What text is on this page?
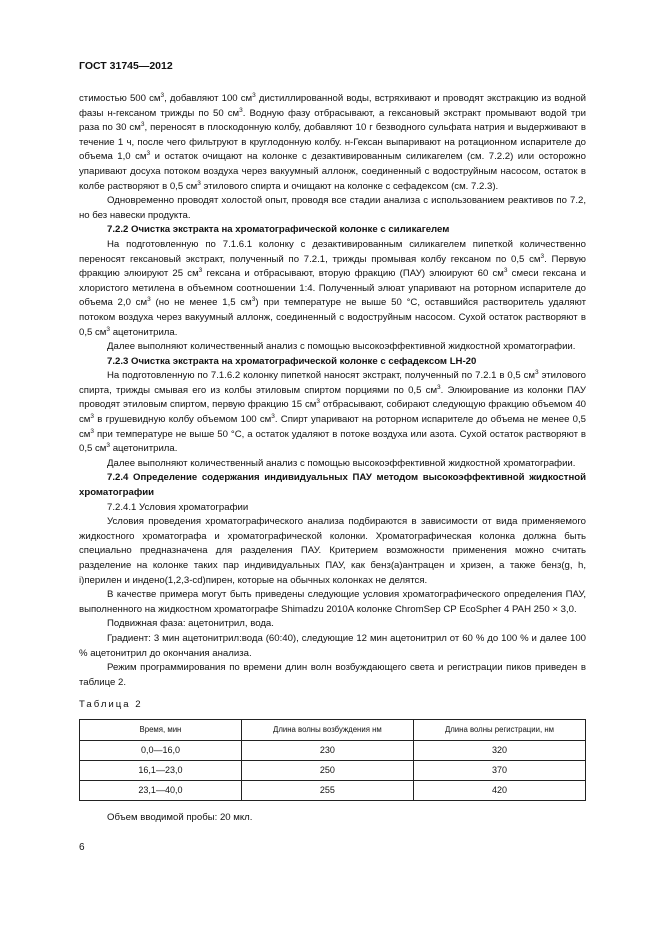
ГОСТ 31745—2012

стимостью 500 $см^3$, добавляют 100 $см^3$ дистиллированной воды, встряхивают и проводят экстракцию из водной фазы н-гексаном трижды по 50 $см^3$. Водную фазу отбрасывают, а гексановый экстракт промывают водой три раза по 30 $см^3$, переносят в плоскодонную колбу, добавляют 10 г безводного сульфата натрия и выдерживают в течение 1 ч, после чего фильтруют в круглодонную колбу. н-Гексан выпаривают на ротационном испарителе до объема 1,0 $см^3$ и остаток очищают на колонке с дезактивированным силикагелем (см. 7.2.2) или осторожно упаривают досуха потоком воздуха через вакуумный аллонж, соединенный с водоструйным насосом, остаток в колбе растворяют в 0,5 $см^3$ этилового спирта и очищают на колонке с сефадексом (см. 7.2.3).

Одновременно проводят холостой опыт, проводя все стадии анализа с использованием реактивов по 7.2, но без навески продукта.

7.2.2 Очистка экстракта на хроматографической колонке с силикагелем

На подготовленную по 7.1.6.1 колонку с дезактивированным силикагелем пипеткой количественно переносят гексановый экстракт, полученный по 7.2.1, трижды промывая колбу гексаном по 0,5 $см^3$. Первую фракцию элюируют 25 $см^3$ гексана и отбрасывают, вторую фракцию (ПАУ) элюируют 60 $см^3$ смеси гексана и хлористого метилена в объемном соотношении 1:4. Полученный элюат упаривают на роторном испарителе до объема 2,0 $см^3$ (но не менее 1,5 $см^3$) при температуре не выше 50 °С, оставшийся растворитель удаляют потоком воздуха через вакуумный аллонж, соединенный с водоструйным насосом. Сухой остаток растворяют в 0,5 $см^3$ ацетонитрила.

Далее выполняют количественный анализ с помощью высокоэффективной жидкостной хроматографии.

7.2.3 Очистка экстракта на хроматографической колонке с сефадексом LH-20

На подготовленную по 7.1.6.2 колонку пипеткой наносят экстракт, полученный по 7.2.1 в 0,5 $см^3$ этилового спирта, трижды смывая его из колбы этиловым спиртом порциями по 0,5 $см^3$. Элюирование из колонки ПАУ проводят этиловым спиртом, первую фракцию 15 $см^3$ отбрасывают, собирают следующую фракцию объемом 40 $см^3$ в грушевидную колбу объемом 100 $см^3$. Спирт упаривают на роторном испарителе до объема не менее 0,5 $см^3$ при температуре не выше 50 °С, а остаток удаляют в потоке воздуха или азота. Сухой остаток растворяют в 0,5 $см^3$ ацетонитрила.

Далее выполняют количественный анализ с помощью высокоэффективной жидкостной хроматографии.

7.2.4 Определение содержания индивидуальных ПАУ методом высокоэффективной жидкостной хроматографии

7.2.4.1 Условия хроматографии

Условия проведения хроматографического анализа подбираются в зависимости от вида применяемого жидкостного хроматографа и хроматографической колонки. Хроматографическая колонка должна быть специально предназначена для разделения ПАУ. Критерием возможности применения можно считать разделение на колонке таких пар индивидуальных ПАУ, как бенз(а)антрацен и хризен, а также бенз(g, h, i)перилен и индено(1,2,3-cd)пирен, которые на обычных колонках не делятся.

В качестве примера могут быть приведены следующие условия хроматографического определения ПАУ, выполненного на жидкостном хроматографе Shimadzu 2010А колонке ChromSep CP EcoSpher 4 PAH 250 × 3,0.

Подвижная фаза: ацетонитрил, вода.

Градиент: 3 мин ацетонитрил:вода (60:40), следующие 12 мин ацетонитрил от 60 % до 100 % и далее 100 % ацетонитрил до окончания анализа.

Режим программирования по времени длин волн возбуждающего света и регистрации пиков приведен в таблице 2.

Таблица 2
Время, мин	Длина волны возбуждения нм	Длина волны регистрации, нм
0,0—16,0	230	320
16,1—23,0	250	370
23,1—40,0	255	420

Объем вводимой пробы: 20 мкл.

6
